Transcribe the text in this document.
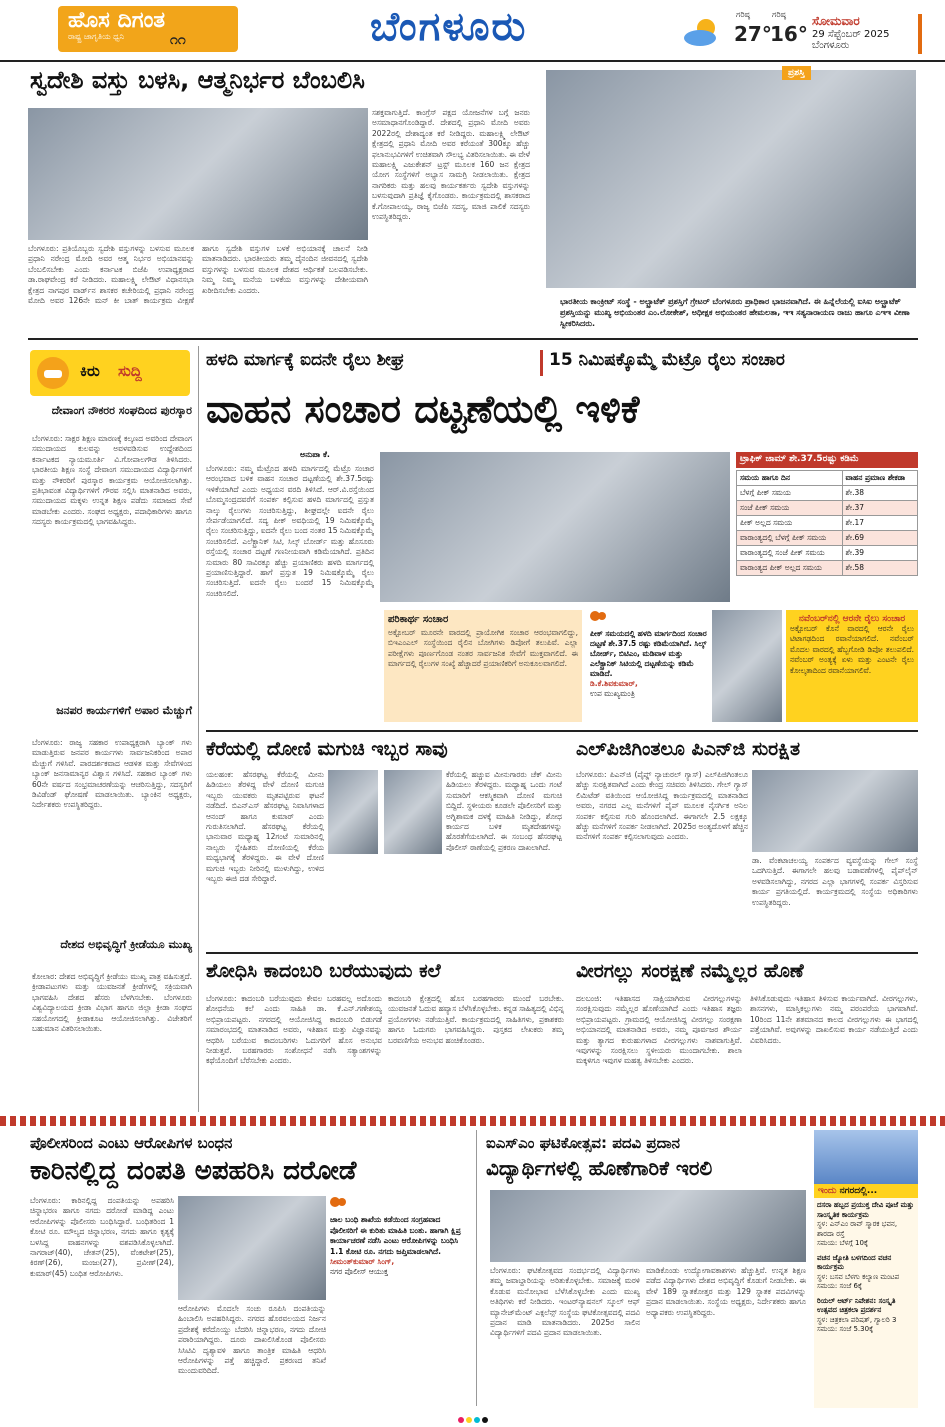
ಹೊಸ ದಿಗಂತ
ರಾಷ್ಟ್ರ ಜಾಗೃತಿಯ ಧ್ವನಿ	೧೧	ಬೆಂಗಳೂರು	ಗರಿಷ್ಠ
27°
ಗರಿಷ್ಠ
16°
ಸೋಮವಾರ
29 ಸೆಪ್ಟೆಂಬರ್ 2025
ಬೆಂಗಳೂರು
ಸ್ವದೇಶಿ ವಸ್ತು ಬಳಸಿ, ಆತ್ಮನಿರ್ಭರ ಬೆಂಬಲಿಸಿ
ಸಶಕ್ತವಾಗುತ್ತಿದೆ. ಕಾಂಗ್ರೆಸ್ ಪಕ್ಷದ ಯೋಜನೆಗಳ ಬಗ್ಗೆ ಜನರು ಅಸಮಾಧಾನಗೊಂಡಿದ್ದಾರೆ. ದೇಶದಲ್ಲಿ ಪ್ರಧಾನಿ ಮೋದಿ ಅವರು 2022ರಲ್ಲಿ ದೇಶಾದ್ಯಂತ ಕರೆ ನೀಡಿದ್ದರು. ಮಹಾಲಕ್ಷ್ಮಿ ಲೇಔಟ್ ಕ್ಷೇತ್ರದಲ್ಲಿ ಪ್ರಧಾನಿ ಮೋದಿ ಅವರ ಕರೆಯಂತೆ 300ಕ್ಕೂ ಹೆಚ್ಚು ಫಲಾನುಭವಿಗಳಿಗೆ ಉಚಿತವಾಗಿ ಸೌಲಭ್ಯ ವಿತರಿಸಲಾಯಿತು. ಈ ವೇಳೆ ಮಹಾಲಕ್ಷ್ಮಿ ಎಜುಕೇಶನ್ ಟ್ರಸ್ಟ್ ಮೂಲಕ 160 ಜನ ಕ್ಷೇತ್ರದ ಯೋಗ ಸಂಸ್ಥೆಗಳಿಗೆ ಅಭ್ಯಾಸ ಸಾಮಗ್ರಿ ನೀಡಲಾಯಿತು. ಕ್ಷೇತ್ರದ ನಾಗರಿಕರು ಮತ್ತು ಹಲವು ಕಾರ್ಯಕರ್ತರು ಸ್ವದೇಶಿ ವಸ್ತುಗಳನ್ನು ಬಳಸುವುದಾಗಿ ಪ್ರತಿಜ್ಞೆ ಕೈಗೊಂಡರು. ಕಾರ್ಯಕ್ರಮದಲ್ಲಿ ಶಾಸಕರಾದ ಕೆ.ಗೋಪಾಲಯ್ಯ, ರಾಜ್ಯ ಬಿಜೆಪಿ ಸದಸ್ಯ, ಮಾಜಿ ಪಾಲಿಕೆ ಸದಸ್ಯರು ಉಪಸ್ಥಿತರಿದ್ದರು.
ಬೆಂಗಳೂರು: ಪ್ರತಿಯೊಬ್ಬರು ಸ್ವದೇಶಿ ವಸ್ತುಗಳನ್ನು ಬಳಸುವ ಮೂಲಕ ಪ್ರಧಾನಿ ನರೇಂದ್ರ ಮೋದಿ ಅವರ ಆತ್ಮ ನಿರ್ಭರ ಅಭಿಯಾನವನ್ನು ಬೆಂಬಲಿಸಬೇಕು ಎಂದು ಕರ್ನಾಟಕ ಬಿಜೆಪಿ ಉಪಾಧ್ಯಕ್ಷರಾದ ಡಾ.ರಾಘವೇಂದ್ರ ಕರೆ ನೀಡಿದರು. ಮಹಾಲಕ್ಷ್ಮಿ ಲೇಔಟ್ ವಿಧಾನಸಭಾ ಕ್ಷೇತ್ರದ ನಾಗಪುರ ವಾರ್ಡ್‌ನ ಶಾಸಕರ ಕಚೇರಿಯಲ್ಲಿ ಪ್ರಧಾನಿ ನರೇಂದ್ರ ಮೋದಿ ಅವರ 126ನೇ ಮನ್ ಕೀ ಬಾತ್ ಕಾರ್ಯಕ್ರಮ ವೀಕ್ಷಣೆ ಹಾಗೂ ಸ್ವದೇಶಿ ವಸ್ತುಗಳ ಬಳಕೆ ಅಭಿಯಾನಕ್ಕೆ ಚಾಲನೆ ನೀಡಿ ಮಾತನಾಡಿದರು. ಭಾರತೀಯರು ತಮ್ಮ ದೈನಂದಿನ ಜೀವನದಲ್ಲಿ ಸ್ವದೇಶಿ ವಸ್ತುಗಳನ್ನು ಬಳಸುವ ಮೂಲಕ ದೇಶದ ಆರ್ಥಿಕತೆ ಬಲಪಡಿಸಬೇಕು. ನಿಮ್ಮ ನಿಮ್ಮ ಮನೆಯ ಬಳಕೆಯ ವಸ್ತುಗಳನ್ನು ದೇಶೀಯವಾಗಿ ಖರೀದಿಸಬೇಕು ಎಂದರು.
ಪ್ರಶಸ್ತಿ
ಭಾರತೀಯ ಕಾಂಕ್ರೀಟ್ ಸಂಸ್ಥೆ - ಅಲ್ಟ್ರಾಟೆಕ್ ಪ್ರಶಸ್ತಿಗೆ ಗ್ರೇಟರ್ ಬೆಂಗಳೂರು ಪ್ರಾಧಿಕಾರ ಭಾಜನವಾಗಿದೆ. ಈ ಹಿನ್ನೆಲೆಯಲ್ಲಿ ಐಸಿಐ ಅಲ್ಟ್ರಾಟೆಕ್ ಪ್ರಶಸ್ತಿಯನ್ನು ಮುಖ್ಯ ಅಭಿಯಂತರ ಎಂ.ಲೋಕೇಶ್, ಅಧೀಕ್ಷಕ ಅಭಿಯಂತರ ಹೇಮಲತಾ, ಇಇ ಸತ್ಯನಾರಾಯಣ ರಾಜು ಹಾಗೂ ಎಇಇ ವೀಣಾ ಸ್ವೀಕರಿಸಿದರು.
ಕಿರು ಸುದ್ದಿ
ದೇವಾಂಗ ನೌಕರರ ಸಂಘದಿಂದ ಪುರಸ್ಕಾರ
ಬೆಂಗಳೂರು: ಸಾಕ್ಷರ ಶಿಕ್ಷಣ ಮಾರಣಕ್ಕೆ ಕಲ್ಕಣದ ಅವರಿಂದ ದೇವಾಂಗ ಸಮುದಾಯದ ಕುಲವನ್ನು ಅವಳವಡಿಸುವ ಉದ್ದೇಶದಿಂದ ಕರ್ನಾಟಕದ ನ್ಯಾಯಮೂರ್ತಿ ವಿ.ಗೋಪಾಲಗೌಡ ತಿಳಿಸಿದರು. ಭಾರತೀಯ ಶಿಕ್ಷಣ ಸಂಸ್ಥೆ ದೇವಾಂಗ ಸಮುದಾಯದ ವಿದ್ಯಾರ್ಥಿಗಳಿಗೆ ಮತ್ತು ನೌಕರರಿಗೆ ಪುರಸ್ಕಾರ ಕಾರ್ಯಕ್ರಮ ಆಯೋಜಿಸಲಾಗಿತ್ತು. ಪ್ರತಿಭಾವಂತ ವಿದ್ಯಾರ್ಥಿಗಳಿಗೆ ಗೌರವ ಸಲ್ಲಿಸಿ ಮಾತನಾಡಿದ ಅವರು, ಸಮುದಾಯದ ಮಕ್ಕಳು ಉನ್ನತ ಶಿಕ್ಷಣ ಪಡೆದು ಸಮಾಜದ ಸೇವೆ ಮಾಡಬೇಕು ಎಂದರು. ಸಂಘದ ಅಧ್ಯಕ್ಷರು, ಪದಾಧಿಕಾರಿಗಳು ಹಾಗೂ ಸದಸ್ಯರು ಕಾರ್ಯಕ್ರಮದಲ್ಲಿ ಭಾಗವಹಿಸಿದ್ದರು.
ಜನಪರ ಕಾರ್ಯಗಳಿಗೆ ಅಪಾರ ಮೆಚ್ಚುಗೆ
ಬೆಂಗಳೂರು: ರಾಜ್ಯ ಸಹಕಾರ ಉಪಾಧ್ಯಕ್ಷರಾಗಿ ಬ್ಯಾಂಕ್ ಗಳು ಮಾಡುತ್ತಿರುವ ಜನಪರ ಕಾರ್ಯಗಳು ಸಾರ್ವಜನಿಕರಿಂದ ಅಪಾರ ಮೆಚ್ಚುಗೆ ಗಳಿಸಿವೆ. ಪಾರದರ್ಶಕವಾದ ಆಡಳಿತ ಮತ್ತು ಸೇವೆಗಳಿಂದ ಬ್ಯಾಂಕ್ ಜನಸಾಮಾನ್ಯರ ವಿಶ್ವಾಸ ಗಳಿಸಿದೆ. ಸಹಕಾರ ಬ್ಯಾಂಕ್ ಗಳು 60ನೇ ವರ್ಷದ ಸಂಭ್ರಮಾಚರಣೆಯನ್ನು ಆಚರಿಸುತ್ತಿದ್ದು, ಸದಸ್ಯರಿಗೆ ಡಿವಿಡೆಂಡ್ ಘೋಷಣೆ ಮಾಡಲಾಯಿತು. ಬ್ಯಾಂಕಿನ ಅಧ್ಯಕ್ಷರು, ನಿರ್ದೇಶಕರು ಉಪಸ್ಥಿತರಿದ್ದರು.
ದೇಶದ ಅಭಿವೃದ್ಧಿಗೆ ಕ್ರೀಡೆಯೂ ಮುಖ್ಯ
ಕೋಲಾರ: ದೇಶದ ಅಭಿವೃದ್ಧಿಗೆ ಕ್ರೀಡೆಯು ಮುಖ್ಯ ಪಾತ್ರ ವಹಿಸುತ್ತದೆ. ಕ್ರೀಡಾಪಟುಗಳು ಮತ್ತು ಯುವಜನತೆ ಕ್ರೀಡೆಗಳಲ್ಲಿ ಸಕ್ರಿಯವಾಗಿ ಭಾಗವಹಿಸಿ ದೇಶದ ಹೆಸರು ಬೆಳಗಿಸಬೇಕು. ಬೆಂಗಳೂರು ವಿಶ್ವವಿದ್ಯಾಲಯದ ಕ್ರೀಡಾ ವಿಭಾಗ ಹಾಗೂ ಜಿಲ್ಲಾ ಕ್ರೀಡಾ ಸಂಘದ ಸಹಯೋಗದಲ್ಲಿ ಕ್ರೀಡಾಕೂಟ ಆಯೋಜಿಸಲಾಗಿತ್ತು. ವಿಜೇತರಿಗೆ ಬಹುಮಾನ ವಿತರಿಸಲಾಯಿತು.
ಹಳದಿ ಮಾರ್ಗಕ್ಕೆ ಐದನೇ ರೈಲು ಶೀಘ್ರ	15 ನಿಮಿಷಕ್ಕೊಮ್ಮೆ ಮೆಟ್ರೊ ರೈಲು ಸಂಚಾರ
ವಾಹನ ಸಂಚಾರ ದಟ್ಟಣೆಯಲ್ಲಿ ಇಳಿಕೆ
ಅನುಪಾ ಕೆ.
ಬೆಂಗಳೂರು: ನಮ್ಮ ಮೆಟ್ರೊದ ಹಳದಿ ಮಾರ್ಗದಲ್ಲಿ ಮೆಟ್ರೊ ಸಂಚಾರ ಆರಂಭವಾದ ಬಳಿಕ ವಾಹನ ಸಂಚಾರ ದಟ್ಟಣೆಯಲ್ಲಿ ಶೇ.37.5ರಷ್ಟು ಇಳಿಕೆಯಾಗಿದೆ ಎಂದು ಅಧ್ಯಯನ ವರದಿ ತಿಳಿಸಿದೆ. ಆರ್.ವಿ.ರಸ್ತೆಯಿಂದ ಬೊಮ್ಮಸಂದ್ರದವರೆಗೆ ಸಂಪರ್ಕ ಕಲ್ಪಿಸುವ ಹಳದಿ ಮಾರ್ಗದಲ್ಲಿ ಪ್ರಸ್ತುತ ನಾಲ್ಕು ರೈಲುಗಳು ಸಂಚರಿಸುತ್ತಿದ್ದು, ಶೀಘ್ರದಲ್ಲೇ ಐದನೇ ರೈಲು ಸೇರ್ಪಡೆಯಾಗಲಿದೆ. ಸದ್ಯ ಪೀಕ್ ಅವಧಿಯಲ್ಲಿ 19 ನಿಮಿಷಕ್ಕೊಮ್ಮೆ ರೈಲು ಸಂಚರಿಸುತ್ತಿದ್ದು, ಐದನೇ ರೈಲು ಬಂದ ನಂತರ 15 ನಿಮಿಷಕ್ಕೊಮ್ಮೆ ಸಂಚರಿಸಲಿದೆ. ಎಲೆಕ್ಟ್ರಾನಿಕ್ ಸಿಟಿ, ಸಿಲ್ಕ್ ಬೋರ್ಡ್ ಮತ್ತು ಹೊಸೂರು ರಸ್ತೆಯಲ್ಲಿ ಸಂಚಾರ ದಟ್ಟಣೆ ಗಣನೀಯವಾಗಿ ಕಡಿಮೆಯಾಗಿದೆ. ಪ್ರತಿದಿನ ಸುಮಾರು 80 ಸಾವಿರಕ್ಕೂ ಹೆಚ್ಚು ಪ್ರಯಾಣಿಕರು ಹಳದಿ ಮಾರ್ಗದಲ್ಲಿ ಪ್ರಯಾಣಿಸುತ್ತಿದ್ದಾರೆ. ಹಾಗೆ ಪ್ರಸ್ತುತ 19 ನಿಮಿಷಕ್ಕೊಮ್ಮೆ ರೈಲು ಸಂಚರಿಸುತ್ತಿದೆ. ಐದನೇ ರೈಲು ಬಂದರೆ 15 ನಿಮಿಷಕ್ಕೊಮ್ಮೆ ಸಂಚರಿಸಲಿದೆ.
ಟ್ರಾಫಿಕ್ ಜಾಮ್ ಶೇ.37.5ರಷ್ಟು ಕಡಿಮೆ
ಸಮಯ ಹಾಗೂ ದಿನ	ವಾಹನ ಪ್ರಮಾಣ ಶೇಕಡಾ
ಬೆಳಗ್ಗೆ ಪೀಕ್ ಸಮಯ	ಶೇ.38
ಸಂಜೆ ಪೀಕ್ ಸಮಯ	ಶೇ.37
ಪೀಕ್ ಅಲ್ಲದ ಸಮಯ	ಶೇ.17
ವಾರಾಂತ್ಯದಲ್ಲಿ ಬೆಳಗ್ಗೆ ಪೀಕ್ ಸಮಯ	ಶೇ.69
ವಾರಾಂತ್ಯದಲ್ಲಿ ಸಂಜೆ ಪೀಕ್ ಸಮಯ	ಶೇ.39
ವಾರಾಂತ್ಯದ ಪೀಕ್ ಅಲ್ಲದ ಸಮಯ	ಶೇ.58
ಪರಿಕಾರ್ಥ ಸಂಚಾರ
ಅಕ್ಟೋಬರ್ ಮೂರನೇ ವಾರದಲ್ಲಿ ಪ್ರಾಯೋಗಿಕ ಸಂಚಾರ ಆರಂಭವಾಗಲಿದ್ದು, ಬಿಇಎಂಎಲ್ ಸಂಸ್ಥೆಯಿಂದ ರೈಲಿನ ಬೋಗಿಗಳು ಡಿಪೋಗೆ ತಲುಪಿವೆ. ಎಲ್ಲಾ ಪರೀಕ್ಷೆಗಳು ಪೂರ್ಣಗೊಂಡ ನಂತರ ಸಾರ್ವಜನಿಕ ಸೇವೆಗೆ ಮುಕ್ತವಾಗಲಿದೆ. ಈ ಮಾರ್ಗದಲ್ಲಿ ರೈಲುಗಳ ಸಂಖ್ಯೆ ಹೆಚ್ಚಾದರೆ ಪ್ರಯಾಣಿಕರಿಗೆ ಅನುಕೂಲವಾಗಲಿದೆ.
ಪೀಕ್ ಸಮಯದಲ್ಲಿ ಹಳದಿ ಮಾರ್ಗದಿಂದ ಸಂಚಾರ ದಟ್ಟಣೆ ಶೇ.37.5 ರಷ್ಟು ಕಡಿಮೆಯಾಗಿದೆ. ಸಿಲ್ಕ್ ಬೋರ್ಡ್, ಬಿಟಿಎಂ, ಮಡಿವಾಳ ಮತ್ತು ಎಲೆಕ್ಟ್ರಾನಿಕ್ ಸಿಟಿಯಲ್ಲಿ ದಟ್ಟಣೆಯನ್ನು ಕಡಿಮೆ ಮಾಡಿದೆ.
ಡಿ.ಕೆ.ಶಿವಕುಮಾರ್,
ಉಪ ಮುಖ್ಯಮಂತ್ರಿ
ನವೆಂಬರ್‌ನಲ್ಲಿ ಆರನೇ ರೈಲು ಸಂಚಾರ
ಅಕ್ಟೋಬರ್ ಕೊನೆ ವಾರದಲ್ಲಿ ಆರನೇ ರೈಲು ಟಿಟಾಗಢದಿಂದ ರವಾನೆಯಾಗಲಿದೆ. ನವೆಂಬರ್ ಮೊದಲ ವಾರದಲ್ಲಿ ಹೆಬ್ಬಗೋಡಿ ಡಿಪೋ ತಲುಪಲಿದೆ. ನವೆಂಬರ್ ಅಂತ್ಯಕ್ಕೆ ಏಳು ಮತ್ತು ಎಂಟನೇ ರೈಲು ಕೋಲ್ಕತಾದಿಂದ ರವಾನೆಯಾಗಲಿವೆ.
ಕೆರೆಯಲ್ಲಿ ದೋಣಿ ಮಗುಚಿ ಇಬ್ಬರ ಸಾವು
ಯಲಹಂಕ: ಹೆಸರಘಟ್ಟ ಕೆರೆಯಲ್ಲಿ ಮೀನು ಹಿಡಿಯಲು ತೆರಳಿದ್ದ ವೇಳೆ ದೋಣಿ ಮಗುಚಿ ಇಬ್ಬರು ಯುವಕರು ಮೃತಪಟ್ಟಿರುವ ಘಟನೆ ನಡೆದಿದೆ. ಬಿಎನ್‌ಎಸ್ ಹೆಸರಘಟ್ಟ ನಿವಾಸಿಗಳಾದ ಆನಂದ್ ಹಾಗೂ ಕುಮಾರ್ ಎಂದು ಗುರುತಿಸಲಾಗಿದೆ. ಹೆಸರಘಟ್ಟ ಕೆರೆಯಲ್ಲಿ ಭಾನುವಾರ ಮಧ್ಯಾಹ್ನ 12ಗಂಟೆ ಸುಮಾರಿನಲ್ಲಿ ನಾಲ್ವರು ಸ್ನೇಹಿತರು ದೋಣಿಯಲ್ಲಿ ಕೆರೆಯ ಮಧ್ಯಭಾಗಕ್ಕೆ ತೆರಳಿದ್ದರು. ಈ ವೇಳೆ ದೋಣಿ ಮಗುಚಿ ಇಬ್ಬರು ನೀರಿನಲ್ಲಿ ಮುಳುಗಿದ್ದು, ಉಳಿದ ಇಬ್ಬರು ಈಜಿ ದಡ ಸೇರಿದ್ದಾರೆ.
ಕೆರೆಯಲ್ಲಿ ಹಚ್ಚುವ ಮೀನುಗಾರರು ಚೆಕ್ ಮೀನು ಹಿಡಿಯಲು ತೆರಳಿದ್ದರು. ಮಧ್ಯಾಹ್ನ ಒಂದು ಗಂಟೆ ಸುಮಾರಿಗೆ ಆಕಸ್ಮಿಕವಾಗಿ ದೋಣಿ ಮಗುಚಿ ಬಿದ್ದಿದೆ. ಸ್ಥಳೀಯರು ಕೂಡಲೇ ಪೊಲೀಸರಿಗೆ ಮತ್ತು ಅಗ್ನಿಶಾಮಕ ದಳಕ್ಕೆ ಮಾಹಿತಿ ನೀಡಿದ್ದು, ಶೋಧ ಕಾರ್ಯದ ಬಳಿಕ ಮೃತದೇಹಗಳನ್ನು ಹೊರತೆಗೆಯಲಾಗಿದೆ. ಈ ಸಂಬಂಧ ಹೆಸರಘಟ್ಟ ಪೊಲೀಸ್ ಠಾಣೆಯಲ್ಲಿ ಪ್ರಕರಣ ದಾಖಲಾಗಿದೆ.
ಎಲ್‌ಪಿಜಿಗಿಂತಲೂ ಪಿಎನ್‌ಜಿ ಸುರಕ್ಷಿತ
ಬೆಂಗಳೂರು: ಪಿಎನ್‌ಜಿ (ಪೈಪ್ಡ್ ನ್ಯಾಚುರಲ್ ಗ್ಯಾಸ್) ಎಲ್‌ಪಿಜಿಗಿಂತಲೂ ಹೆಚ್ಚು ಸುರಕ್ಷಿತವಾಗಿದೆ ಎಂದು ಕೇಂದ್ರ ಸಚಿವರು ತಿಳಿಸಿದರು. ಗೇಲ್ ಗ್ಯಾಸ್ ಲಿಮಿಟೆಡ್ ವತಿಯಿಂದ ಆಯೋಜಿಸಿದ್ದ ಕಾರ್ಯಕ್ರಮದಲ್ಲಿ ಮಾತನಾಡಿದ ಅವರು, ನಗರದ ಎಲ್ಲ ಮನೆಗಳಿಗೆ ಪೈಪ್ ಮೂಲಕ ನೈಸರ್ಗಿಕ ಅನಿಲ ಸಂಪರ್ಕ ಕಲ್ಪಿಸುವ ಗುರಿ ಹೊಂದಲಾಗಿದೆ. ಈಗಾಗಲೇ 2.5 ಲಕ್ಷಕ್ಕೂ ಹೆಚ್ಚು ಮನೆಗಳಿಗೆ ಸಂಪರ್ಕ ನೀಡಲಾಗಿದೆ. 2025ರ ಅಂತ್ಯದೊಳಗೆ ಹೆಚ್ಚಿನ ಮನೆಗಳಿಗೆ ಸಂಪರ್ಕ ಕಲ್ಪಿಸಲಾಗುವುದು ಎಂದರು.
ಡಾ. ವೆಂಕಟಾಚಲಯ್ಯ ಸಂಪರ್ಕದ ವ್ಯವಸ್ಥೆಯನ್ನು ಗೇಲ್ ಸಂಸ್ಥೆ ಒದಗಿಸುತ್ತಿದೆ. ಈಗಾಗಲೇ ಹಲವು ಬಡಾವಣೆಗಳಲ್ಲಿ ಪೈಪ್‌ಲೈನ್ ಅಳವಡಿಸಲಾಗಿದ್ದು, ನಗರದ ಎಲ್ಲಾ ಭಾಗಗಳಲ್ಲಿ ಸಂಪರ್ಕ ವಿಸ್ತರಿಸುವ ಕಾರ್ಯ ಪ್ರಗತಿಯಲ್ಲಿದೆ. ಕಾರ್ಯಕ್ರಮದಲ್ಲಿ ಸಂಸ್ಥೆಯ ಅಧಿಕಾರಿಗಳು ಉಪಸ್ಥಿತರಿದ್ದರು.
ಶೋಧಿಸಿ ಕಾದಂಬರಿ ಬರೆಯುವುದು ಕಲೆ
ಬೆಂಗಳೂರು: ಕಾದಂಬರಿ ಬರೆಯುವುದು ಕೇವಲ ಬರಹವಲ್ಲ ಅದೊಂದು ಶೋಧನೆಯ ಕಲೆ ಎಂದು ಸಾಹಿತಿ ಡಾ. ಕೆ.ಎನ್.ಗಣೇಶಯ್ಯ ಅಭಿಪ್ರಾಯಪಟ್ಟರು. ನಗರದಲ್ಲಿ ಆಯೋಜಿಸಿದ್ದ ಕಾದಂಬರಿ ಬಿಡುಗಡೆ ಸಮಾರಂಭದಲ್ಲಿ ಮಾತನಾಡಿದ ಅವರು, ಇತಿಹಾಸ ಮತ್ತು ವಿಜ್ಞಾನವನ್ನು ಆಧರಿಸಿ ಬರೆಯುವ ಕಾದಂಬರಿಗಳು ಓದುಗರಿಗೆ ಹೊಸ ಅನುಭವ ನೀಡುತ್ತವೆ. ಬರಹಗಾರರು ಸಂಶೋಧನೆ ನಡೆಸಿ ಸತ್ಯಾಂಶಗಳನ್ನು ಕಥೆಯೊಂದಿಗೆ ಬೆರೆಸಬೇಕು ಎಂದರು.
ಕಾದಂಬರಿ ಕ್ಷೇತ್ರದಲ್ಲಿ ಹೊಸ ಬರಹಗಾರರು ಮುಂದೆ ಬರಬೇಕು. ಯುವಜನತೆ ಓದುವ ಹವ್ಯಾಸ ಬೆಳೆಸಿಕೊಳ್ಳಬೇಕು. ಕನ್ನಡ ಸಾಹಿತ್ಯದಲ್ಲಿ ವಿಭಿನ್ನ ಪ್ರಯೋಗಗಳು ನಡೆಯುತ್ತಿವೆ. ಕಾರ್ಯಕ್ರಮದಲ್ಲಿ ಸಾಹಿತಿಗಳು, ಪ್ರಕಾಶಕರು ಹಾಗೂ ಓದುಗರು ಭಾಗವಹಿಸಿದ್ದರು. ಪುಸ್ತಕದ ಲೇಖಕರು ತಮ್ಮ ಬರವಣಿಗೆಯ ಅನುಭವ ಹಂಚಿಕೊಂಡರು.
ವೀರಗಲ್ಲು ಸಂರಕ್ಷಣೆ ನಮ್ಮೆಲ್ಲರ ಹೊಣೆ
ದಲಬಂಜಿ: ಇತಿಹಾಸದ ಸಾಕ್ಷಿಯಾಗಿರುವ ವೀರಗಲ್ಲುಗಳನ್ನು ಸಂರಕ್ಷಿಸುವುದು ನಮ್ಮೆಲ್ಲರ ಹೊಣೆಯಾಗಿದೆ ಎಂದು ಇತಿಹಾಸ ತಜ್ಞರು ಅಭಿಪ್ರಾಯಪಟ್ಟರು. ಗ್ರಾಮದಲ್ಲಿ ಆಯೋಜಿಸಿದ್ದ ವೀರಗಲ್ಲು ಸಂರಕ್ಷಣಾ ಅಭಿಯಾನದಲ್ಲಿ ಮಾತನಾಡಿದ ಅವರು, ನಮ್ಮ ಪೂರ್ವಜರ ಶೌರ್ಯ ಮತ್ತು ತ್ಯಾಗದ ಕುರುಹುಗಳಾದ ವೀರಗಲ್ಲುಗಳು ನಾಶವಾಗುತ್ತಿವೆ. ಇವುಗಳನ್ನು ಸಂರಕ್ಷಿಸಲು ಸ್ಥಳೀಯರು ಮುಂದಾಗಬೇಕು. ಶಾಲಾ ಮಕ್ಕಳಿಗೂ ಇವುಗಳ ಮಹತ್ವ ತಿಳಿಸಬೇಕು ಎಂದರು.
ತಿಳಿಸಿಕೊಡುವುದು ಇತಿಹಾಸ ತಿಳಿಸುವ ಕಾರ್ಯವಾಗಿದೆ. ವೀರಗಲ್ಲುಗಳು, ಶಾಸನಗಳು, ಮಾಸ್ತಿಕಲ್ಲುಗಳು ನಮ್ಮ ಪರಂಪರೆಯ ಭಾಗವಾಗಿವೆ. 10ರಿಂದ 11ನೇ ಶತಮಾನದ ಕಾಲದ ವೀರಗಲ್ಲುಗಳು ಈ ಭಾಗದಲ್ಲಿ ಪತ್ತೆಯಾಗಿವೆ. ಅವುಗಳನ್ನು ದಾಖಲಿಸುವ ಕಾರ್ಯ ನಡೆಯುತ್ತಿದೆ ಎಂದು ವಿವರಿಸಿದರು.
ಪೊಲೀಸರಿಂದ ಎಂಟು ಆರೋಪಿಗಳ ಬಂಧನ
ಕಾರಿನಲ್ಲಿದ್ದ ದಂಪತಿ ಅಪಹರಿಸಿ ದರೋಡೆ
ಬೆಂಗಳೂರು: ಕಾರಿನಲ್ಲಿದ್ದ ದಂಪತಿಯನ್ನು ಅಪಹರಿಸಿ ಚಿನ್ನಾಭರಣ ಹಾಗೂ ನಗದು ದರೋಡೆ ಮಾಡಿದ್ದ ಎಂಟು ಆರೋಪಿಗಳನ್ನು ಪೊಲೀಸರು ಬಂಧಿಸಿದ್ದಾರೆ. ಬಂಧಿತರಿಂದ 1 ಕೋಟಿ ರೂ. ಮೌಲ್ಯದ ಚಿನ್ನಾಭರಣ, ನಗದು ಹಾಗೂ ಕೃತ್ಯಕ್ಕೆ ಬಳಸಿದ್ದ ವಾಹನಗಳನ್ನು ವಶಪಡಿಸಿಕೊಳ್ಳಲಾಗಿದೆ. ನಾಗರಾಜ್(40), ಚೇತನ್(25), ವೆಂಕಟೇಶ್(25), ಕಿರಣ್(26), ಮಂಜು(27), ಪ್ರವೀಣ್(24), ಕುಮಾರ್(45) ಬಂಧಿತ ಆರೋಪಿಗಳು.
ಆರೋಪಿಗಳು ಮೊದಲೇ ಸಂಚು ರೂಪಿಸಿ ದಂಪತಿಯನ್ನು ಹಿಂಬಾಲಿಸಿ ಅಪಹರಿಸಿದ್ದರು. ನಗರದ ಹೊರವಲಯದ ನಿರ್ಜನ ಪ್ರದೇಶಕ್ಕೆ ಕರೆದೊಯ್ದು ಬೆದರಿಸಿ ಚಿನ್ನಾಭರಣ, ನಗದು ದೋಚಿ ಪರಾರಿಯಾಗಿದ್ದರು. ದೂರು ದಾಖಲಿಸಿಕೊಂಡ ಪೊಲೀಸರು ಸಿಸಿಟಿವಿ ದೃಶ್ಯಾವಳಿ ಹಾಗೂ ತಾಂತ್ರಿಕ ಮಾಹಿತಿ ಆಧರಿಸಿ ಆರೋಪಿಗಳನ್ನು ಪತ್ತೆ ಹಚ್ಚಿದ್ದಾರೆ. ಪ್ರಕರಣದ ತನಿಖೆ ಮುಂದುವರಿದಿದೆ.
ಜಾಲ ಬಂಧಿ ಶಾಖೆಯ ಕಡೆಯಿಂದ ಸಂಗ್ರಹವಾದ ಪೊಲೀಸರಿಗೆ ಈ ಕುರಿತು ಮಾಹಿತಿ ಬಂತು. ಹಾಗಾಗಿ ಕ್ಷಿಪ್ರ ಕಾರ್ಯಾಚರಣೆ ನಡೆಸಿ ಎಂಟು ಆರೋಪಿಗಳನ್ನು ಬಂಧಿಸಿ 1.1 ಕೋಟಿ ರೂ. ನಗದು ಜಪ್ತಿಮಾಡಲಾಗಿದೆ.
ಸೀಮಂತ್‌ಕುಮಾರ್ ಸಿಂಗ್,
ನಗರ ಪೊಲೀಸ್ ಆಯುಕ್ತ
ಐಎಸ್‌ಎಂ ಘಟಿಕೋತ್ಸವ: ಪದವಿ ಪ್ರದಾನ
ವಿದ್ಯಾರ್ಥಿಗಳಲ್ಲಿ ಹೊಣೆಗಾರಿಕೆ ಇರಲಿ
ಬೆಂಗಳೂರು: ಘಟಿಕೋತ್ಸವದ ಸಂದರ್ಭದಲ್ಲಿ ವಿದ್ಯಾರ್ಥಿಗಳು ತಮ್ಮ ಜವಾಬ್ದಾರಿಯನ್ನು ಅರಿತುಕೊಳ್ಳಬೇಕು. ಸಮಾಜಕ್ಕೆ ಮರಳಿ ಕೊಡುವ ಮನೋಭಾವ ಬೆಳೆಸಿಕೊಳ್ಳಬೇಕು ಎಂದು ಮುಖ್ಯ ಅತಿಥಿಗಳು ಕರೆ ನೀಡಿದರು. ಇಂಟರ್‌ನ್ಯಾಷನಲ್ ಸ್ಕೂಲ್ ಆಫ್ ಮ್ಯಾನೇಜ್‌ಮೆಂಟ್ ಎಕ್ಸಲೆನ್ಸ್ ಸಂಸ್ಥೆಯ ಘಟಿಕೋತ್ಸವದಲ್ಲಿ ಪದವಿ ಪ್ರದಾನ ಮಾಡಿ ಮಾತನಾಡಿದರು. 2025ರ ಸಾಲಿನ ವಿದ್ಯಾರ್ಥಿಗಳಿಗೆ ಪದವಿ ಪ್ರದಾನ ಮಾಡಲಾಯಿತು.
ಮಾಡಿಕೊಂಡು ಉದ್ಯೋಗಾವಕಾಶಗಳು ಹೆಚ್ಚುತ್ತಿವೆ. ಉನ್ನತ ಶಿಕ್ಷಣ ಪಡೆದ ವಿದ್ಯಾರ್ಥಿಗಳು ದೇಶದ ಅಭಿವೃದ್ಧಿಗೆ ಕೊಡುಗೆ ನೀಡಬೇಕು. ಈ ವೇಳೆ 189 ಸ್ನಾತಕೋತ್ತರ ಮತ್ತು 129 ಸ್ನಾತಕ ಪದವಿಗಳನ್ನು ಪ್ರದಾನ ಮಾಡಲಾಯಿತು. ಸಂಸ್ಥೆಯ ಅಧ್ಯಕ್ಷರು, ನಿರ್ದೇಶಕರು ಹಾಗೂ ಅಧ್ಯಾಪಕರು ಉಪಸ್ಥಿತರಿದ್ದರು.
ಇಂದು ನಗರದಲ್ಲಿ...
ದಸರಾ ಹಬ್ಬದ ಪ್ರಯುಕ್ತ ದೇವಿ ಪೂಜೆ ಮತ್ತು ಸಾಂಸ್ಕೃತಿಕ ಕಾರ್ಯಕ್ರಮ
ಸ್ಥಳ: ಎನ್‌ಎಂ ರಾವ್ ಸ್ಮಾರಕ ಭವನ, ಶಾರದಾ ರಸ್ತೆ
ಸಮಯ: ಬೆಳಗ್ಗೆ 10ಕ್ಕೆ
ವಚನ ಜ್ಯೋತಿ ಬಳಗದಿಂದ ವಚನ ಕಾರ್ಯಕ್ರಮ
ಸ್ಥಳ: ಬಸವ ಬೆಳಗು ಕಲ್ಯಾಣ ಮಂಟಪ
ಸಮಯ: ಸಂಜೆ 6ಕ್ಕೆ
ರಿಯಲ್ ಆರ್ಟ್ ನಿವೇಶನ: ಸಂಸ್ಕೃತಿ ಉತ್ಸವದ ಚಿತ್ರಕಲಾ ಪ್ರದರ್ಶನ
ಸ್ಥಳ: ಚಿತ್ರಕಲಾ ಪರಿಷತ್, ಗ್ಯಾಲರಿ 3
ಸಮಯ: ಸಂಜೆ 5.30ಕ್ಕೆ
